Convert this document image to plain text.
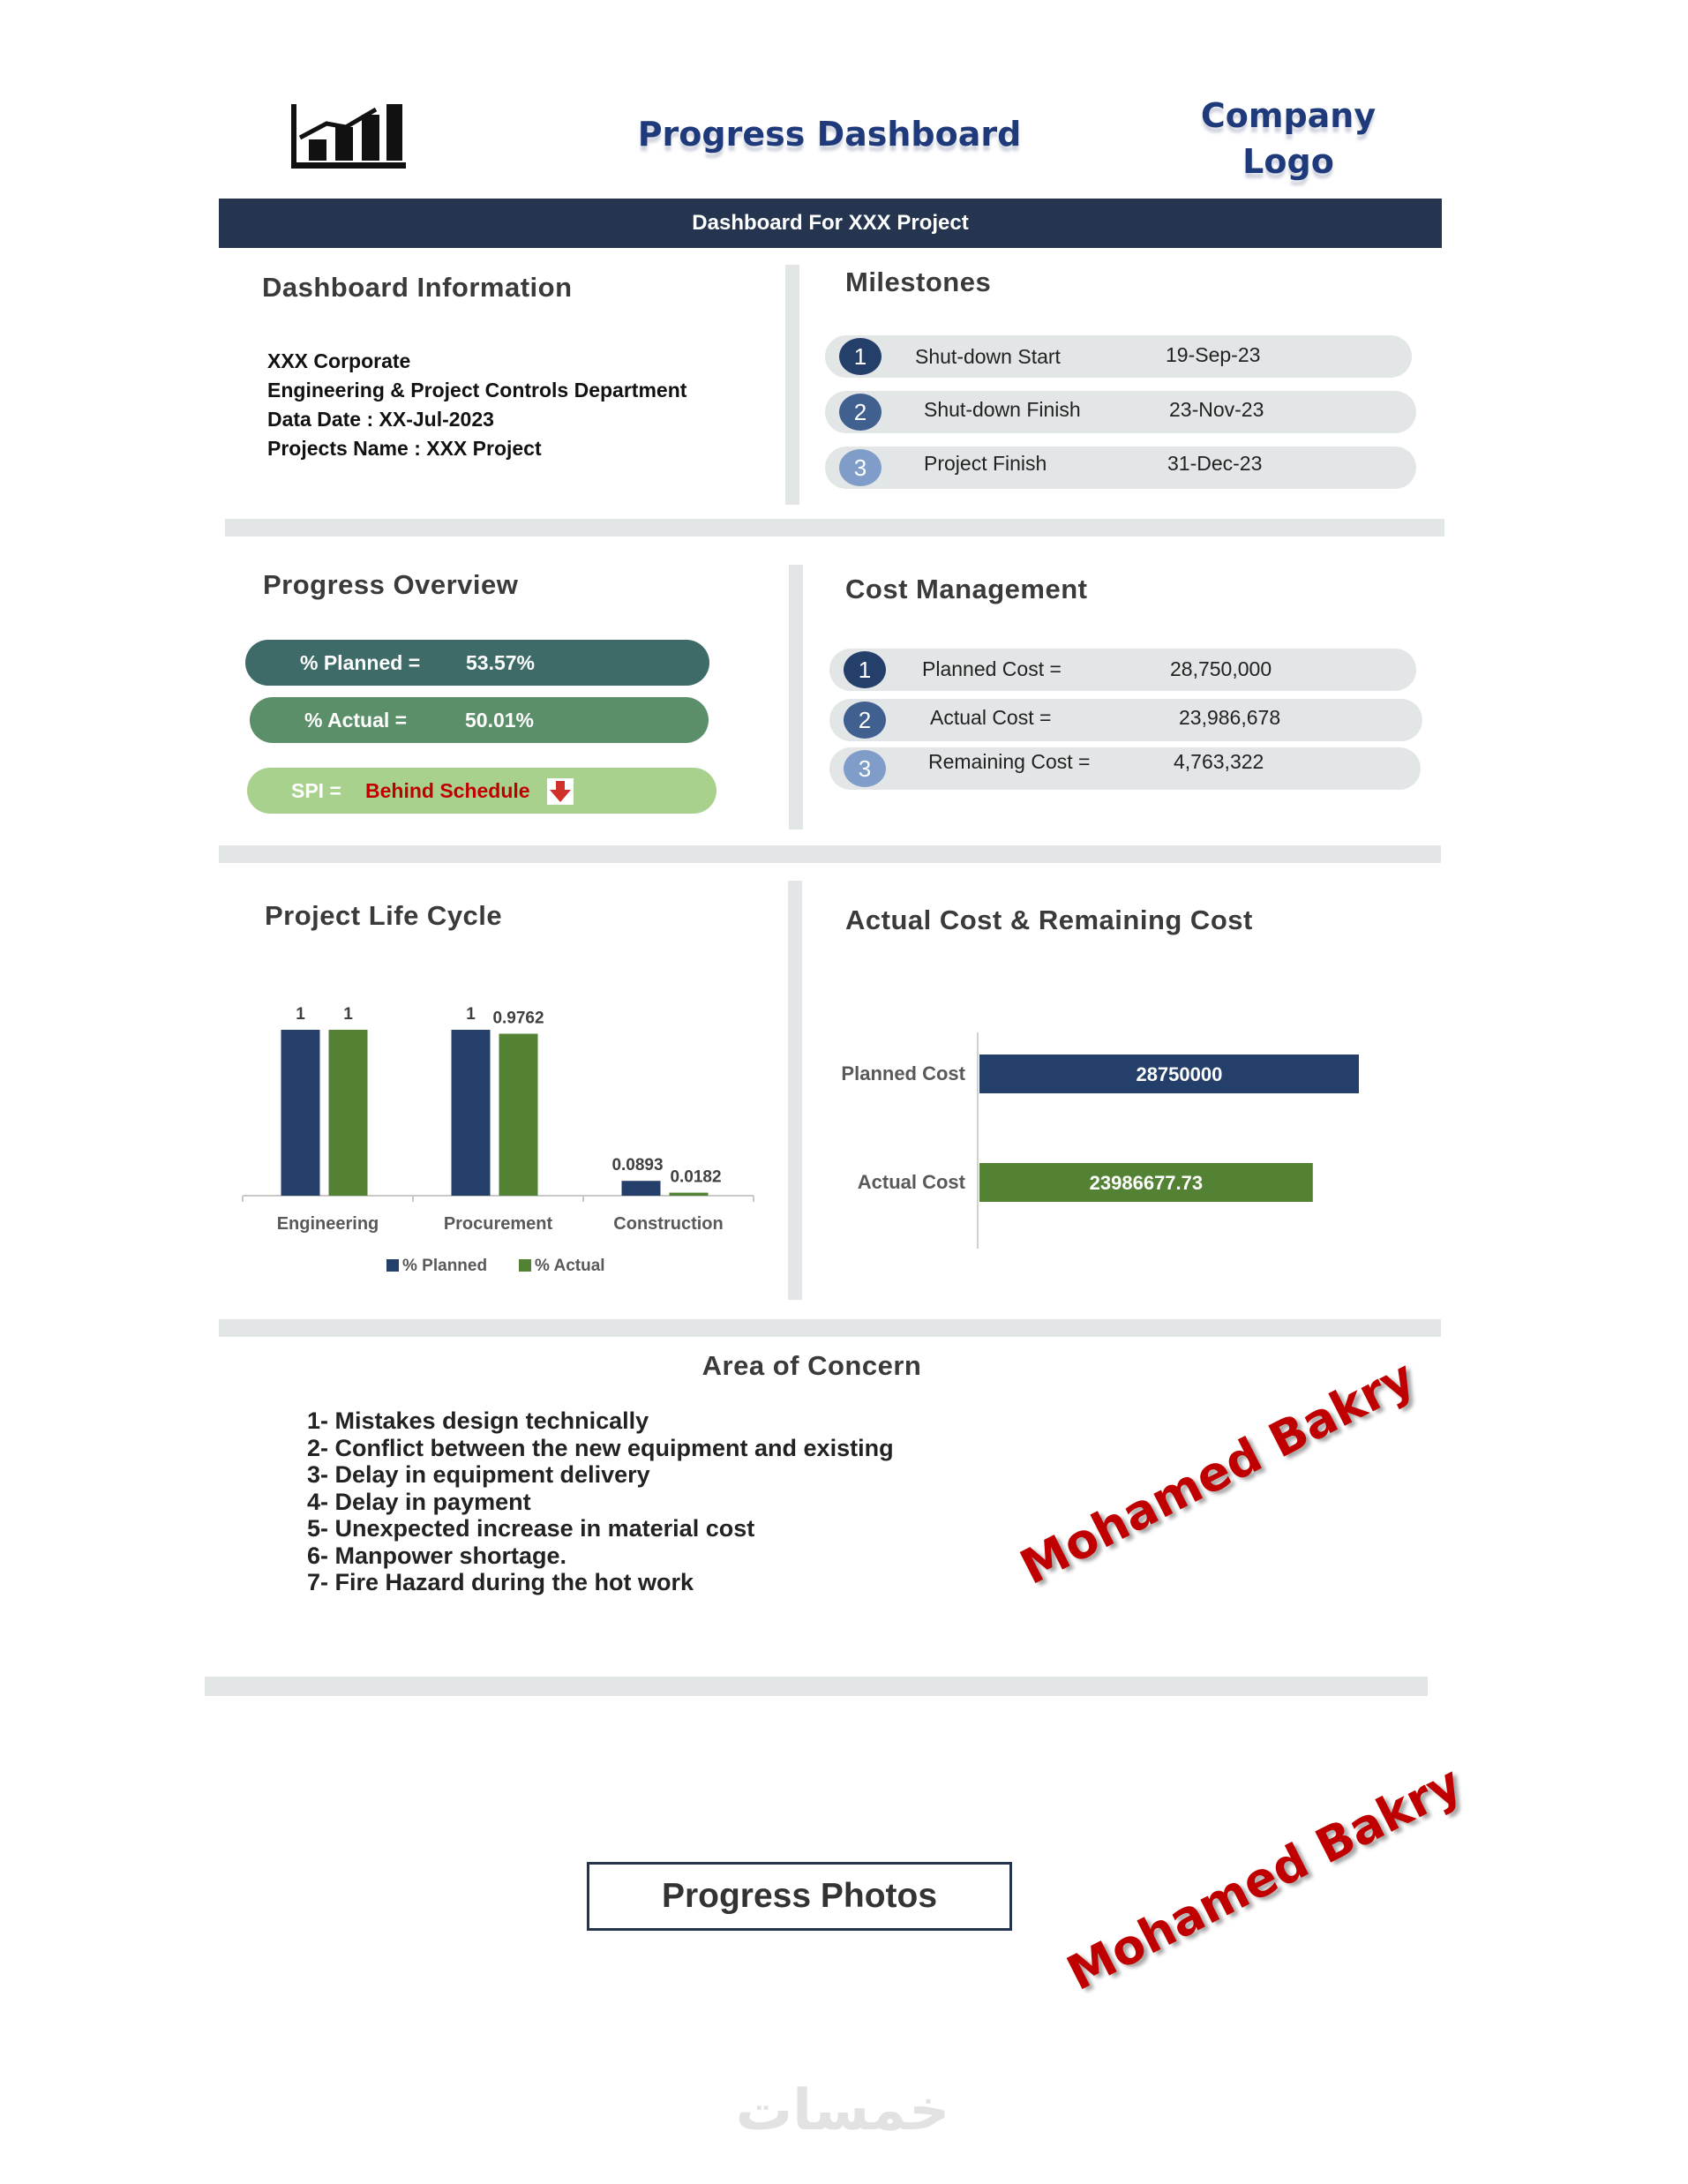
Progress Dashboard	Company
Logo
Dashboard For XXX Project
Dashboard Information
XXX Corporate
Engineering & Project Controls Department
Data Date : XX-Jul-2023
Projects Name : XXX Project
Milestones
1	Shut-down Start	19-Sep-23
2	Shut-down Finish	23-Nov-23
3	Project Finish	31-Dec-23
Progress Overview
% Planned = 53.57%
% Actual =	50.01%
SPI = Behind Schedule
Cost Management
1	Planned Cost =	28,750,000
2	Actual Cost =	23,986,678
3	Remaining Cost =	4,763,322
Project Life Cycle
1 1
Engineering
1 0.9762
Procurement
0.0893
0.0182
Construction
% Planned	% Actual
Actual Cost & Remaining Cost
28750000
Planned Cost
23986677.73
Actual Cost
Area of Concern
1- Mistakes design technically
2- Conflict between the new equipment and existing
3- Delay in equipment delivery
4- Delay in payment
5- Unexpected increase in material cost
6- Manpower shortage.
7- Fire Hazard during the hot work	Mohamed Bakry
Progress Photos	Mohamed Bakry
خمسات
